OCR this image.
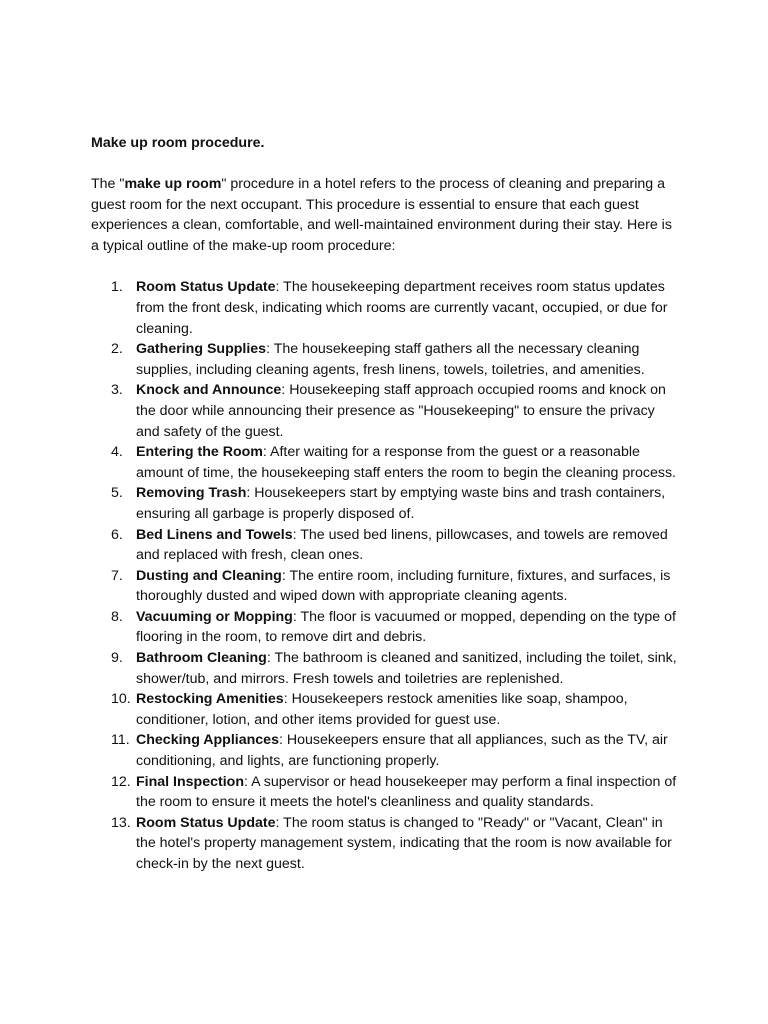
Make up room procedure.

The "make up room" procedure in a hotel refers to the process of cleaning and preparing a guest room for the next occupant. This procedure is essential to ensure that each guest experiences a clean, comfortable, and well-maintained environment during their stay. Here is a typical outline of the make-up room procedure:

1. Room Status Update: The housekeeping department receives room status updates from the front desk, indicating which rooms are currently vacant, occupied, or due for cleaning.
2. Gathering Supplies: The housekeeping staff gathers all the necessary cleaning supplies, including cleaning agents, fresh linens, towels, toiletries, and amenities.
3. Knock and Announce: Housekeeping staff approach occupied rooms and knock on the door while announcing their presence as "Housekeeping" to ensure the privacy and safety of the guest.
4. Entering the Room: After waiting for a response from the guest or a reasonable amount of time, the housekeeping staff enters the room to begin the cleaning process.
5. Removing Trash: Housekeepers start by emptying waste bins and trash containers, ensuring all garbage is properly disposed of.
6. Bed Linens and Towels: The used bed linens, pillowcases, and towels are removed and replaced with fresh, clean ones.
7. Dusting and Cleaning: The entire room, including furniture, fixtures, and surfaces, is thoroughly dusted and wiped down with appropriate cleaning agents.
8. Vacuuming or Mopping: The floor is vacuumed or mopped, depending on the type of flooring in the room, to remove dirt and debris.
9. Bathroom Cleaning: The bathroom is cleaned and sanitized, including the toilet, sink, shower/tub, and mirrors. Fresh towels and toiletries are replenished.
10. Restocking Amenities: Housekeepers restock amenities like soap, shampoo, conditioner, lotion, and other items provided for guest use.
11. Checking Appliances: Housekeepers ensure that all appliances, such as the TV, air conditioning, and lights, are functioning properly.
12. Final Inspection: A supervisor or head housekeeper may perform a final inspection of the room to ensure it meets the hotel's cleanliness and quality standards.
13. Room Status Update: The room status is changed to "Ready" or "Vacant, Clean" in the hotel's property management system, indicating that the room is now available for check-in by the next guest.
